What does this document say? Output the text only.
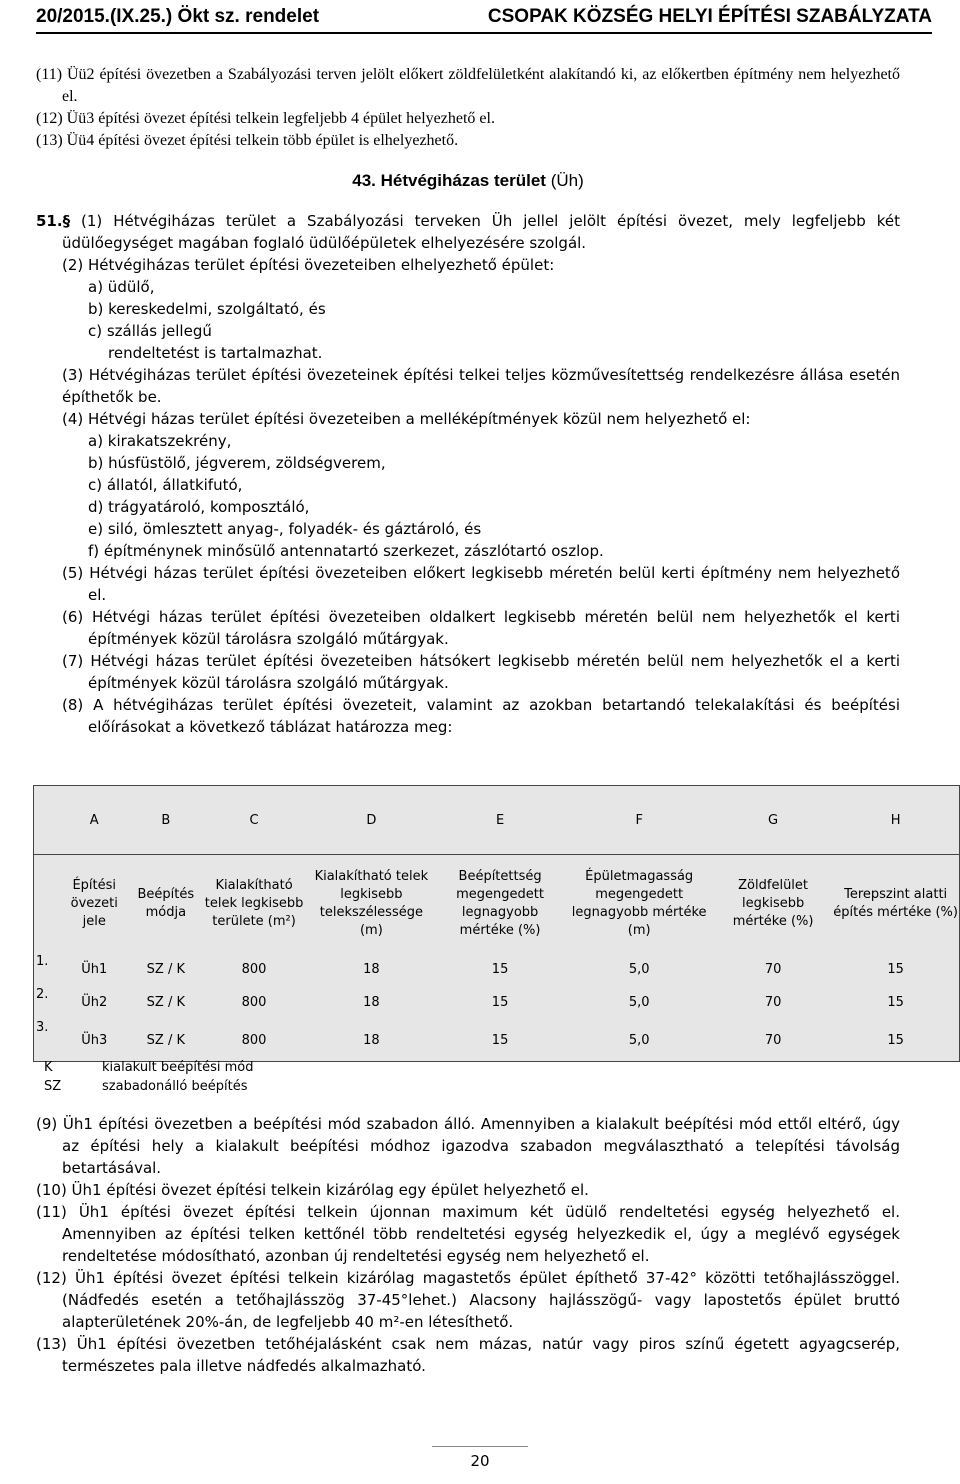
20/2015.(IX.25.) Ökt sz. rendelet	CSOPAK KÖZSÉG HELYI ÉPÍTÉSI SZABÁLYZATA

(11) Üü2 építési övezetben a Szabályozási terven jelölt előkert zöldfelületként alakítandó ki, az előkertben építmény nem helyezhető el.

(12) Üü3 építési övezet építési telkein legfeljebb 4 épület helyezhető el.

(13) Üü4 építési övezet építési telkein több épület is elhelyezhető.

43. Hétvégiházas terület (Üh)
51.§ (1) Hétvégiházas terület a Szabályozási terveken Üh jellel jelölt építési övezet, mely legfeljebb két üdülőegységet magában foglaló üdülőépületek elhelyezésére szolgál.
(2) Hétvégiházas terület építési övezeteiben elhelyezhető épület:
a) üdülő,
b) kereskedelmi, szolgáltató, és
c) szállás jellegű
rendeltetést is tartalmazhat.

(3) Hétvégiházas terület építési övezeteinek építési telkei teljes közművesítettség rendelkezésre állása esetén építhetők be.

(4) Hétvégi házas terület építési övezeteiben a melléképítmények közül nem helyezhető el:
a) kirakatszekrény,
b) húsfüstölő, jégverem, zöldségverem,
c) állatól, állatkifutó,
d) trágyatároló, komposztáló,
e) siló, ömlesztett anyag-, folyadék- és gáztároló, és
f) építménynek minősülő antennatartó szerkezet, zászlótartó oszlop.

(5) Hétvégi házas terület építési övezeteiben előkert legkisebb méretén belül kerti építmény nem helyezhető el.

(6) Hétvégi házas terület építési övezeteiben oldalkert legkisebb méretén belül nem helyezhetők el kerti építmények közül tárolásra szolgáló műtárgyak.

(7) Hétvégi házas terület építési övezeteiben hátsókert legkisebb méretén belül nem helyezhetők el a kerti építmények közül tárolásra szolgáló műtárgyak.

(8) A hétvégiházas terület építési övezeteit, valamint az azokban betartandó telekalakítási és beépítési előírásokat a következő táblázat határozza meg:

	A	B	C	D	E	F	G	H
	Építési övezeti jele	Beépítés módja	Kialakítható telek legkisebb területe (m²)	Kialakítható telek legkisebb telekszélessége (m)	Beépítettség megengedett legnagyobb mértéke (%)	Épületmagasság megengedett legnagyobb mértéke (m)	Zöldfelület legkisebb mértéke (%)	Terepszint alatti építés mértéke (%)
1.	Üh1	SZ / K	800	18	15	5,0	70	15
2.	Üh2	SZ / K	800	18	15	5,0	70	15
3.	Üh3	SZ / K	800	18	15	5,0	70	15
K	kialakult beépítési mód
SZ	szabadonálló beépítés

(9) Üh1 építési övezetben a beépítési mód szabadon álló. Amennyiben a kialakult beépítési mód ettől eltérő, úgy az építési hely a kialakult beépítési módhoz igazodva szabadon megválasztható a telepítési távolság betartásával.

(10) Üh1 építési övezet építési telkein kizárólag egy épület helyezhető el.

(11) Üh1 építési övezet építési telkein újonnan maximum két üdülő rendeltetési egység helyezhető el. Amennyiben az építési telken kettőnél több rendeltetési egység helyezkedik el, úgy a meglévő egységek rendeltetése módosítható, azonban új rendeltetési egység nem helyezhető el.

(12) Üh1 építési övezet építési telkein kizárólag magastetős épület építhető 37-42° közötti tetőhajlásszöggel. (Nádfedés esetén a tetőhajlásszög 37-45°lehet.) Alacsony hajlásszögű- vagy lapostetős épület bruttó alapterületének 20%-án, de legfeljebb 40 m²-en létesíthető.

(13) Üh1 építési övezetben tetőhéjalásként csak nem mázas, natúr vagy piros színű égetett agyagcserép, természetes pala illetve nádfedés alkalmazható.

20
